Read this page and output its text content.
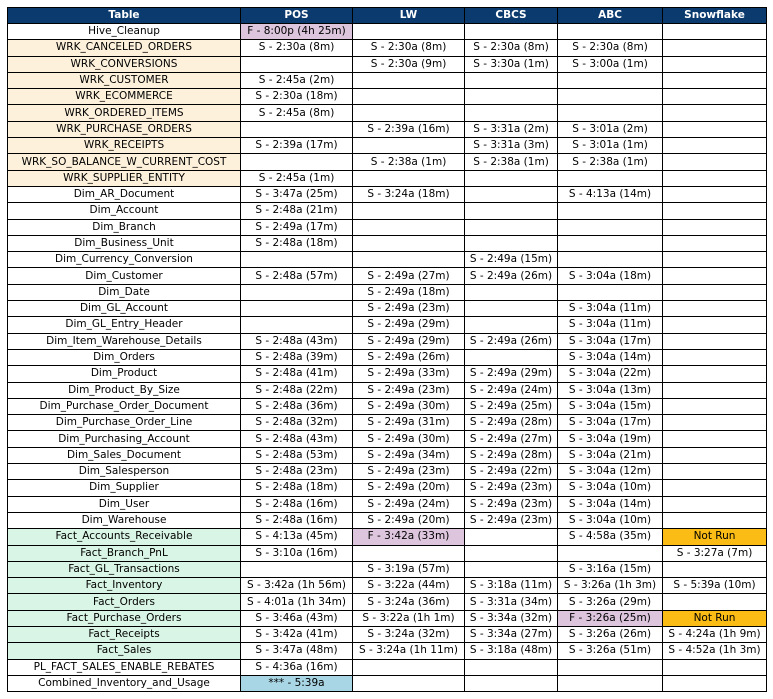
Table	POS	LW	CBCS	ABC	Snowflake
Hive_Cleanup	F - 8:00p (4h 25m)				
WRK_CANCELED_ORDERS	S - 2:30a (8m)	S - 2:30a (8m)	S - 2:30a (8m)	S - 2:30a (8m)	
WRK_CONVERSIONS		S - 2:30a (9m)	S - 3:30a (1m)	S - 3:00a (1m)	
WRK_CUSTOMER	S - 2:45a (2m)				
WRK_ECOMMERCE	S - 2:30a (18m)				
WRK_ORDERED_ITEMS	S - 2:45a (8m)				
WRK_PURCHASE_ORDERS		S - 2:39a (16m)	S - 3:31a (2m)	S - 3:01a (2m)	
WRK_RECEIPTS	S - 2:39a (17m)		S - 3:31a (3m)	S - 3:01a (1m)	
WRK_SO_BALANCE_W_CURRENT_COST		S - 2:38a (1m)	S - 2:38a (1m)	S - 2:38a (1m)	
WRK_SUPPLIER_ENTITY	S - 2:45a (1m)				
Dim_AR_Document	S - 3:47a (25m)	S - 3:24a (18m)		S - 4:13a (14m)	
Dim_Account	S - 2:48a (21m)				
Dim_Branch	S - 2:49a (17m)				
Dim_Business_Unit	S - 2:48a (18m)				
Dim_Currency_Conversion			S - 2:49a (15m)		
Dim_Customer	S - 2:48a (57m)	S - 2:49a (27m)	S - 2:49a (26m)	S - 3:04a (18m)	
Dim_Date		S - 2:49a (18m)			
Dim_GL_Account		S - 2:49a (23m)		S - 3:04a (11m)	
Dim_GL_Entry_Header		S - 2:49a (29m)		S - 3:04a (11m)	
Dim_Item_Warehouse_Details	S - 2:48a (43m)	S - 2:49a (29m)	S - 2:49a (26m)	S - 3:04a (17m)	
Dim_Orders	S - 2:48a (39m)	S - 2:49a (26m)		S - 3:04a (14m)	
Dim_Product	S - 2:48a (41m)	S - 2:49a (33m)	S - 2:49a (29m)	S - 3:04a (22m)	
Dim_Product_By_Size	S - 2:48a (22m)	S - 2:49a (23m)	S - 2:49a (24m)	S - 3:04a (13m)	
Dim_Purchase_Order_Document	S - 2:48a (36m)	S - 2:49a (30m)	S - 2:49a (25m)	S - 3:04a (15m)	
Dim_Purchase_Order_Line	S - 2:48a (32m)	S - 2:49a (31m)	S - 2:49a (28m)	S - 3:04a (17m)	
Dim_Purchasing_Account	S - 2:48a (43m)	S - 2:49a (30m)	S - 2:49a (27m)	S - 3:04a (19m)	
Dim_Sales_Document	S - 2:48a (53m)	S - 2:49a (34m)	S - 2:49a (28m)	S - 3:04a (21m)	
Dim_Salesperson	S - 2:48a (23m)	S - 2:49a (23m)	S - 2:49a (22m)	S - 3:04a (12m)	
Dim_Supplier	S - 2:48a (18m)	S - 2:49a (20m)	S - 2:49a (23m)	S - 3:04a (10m)	
Dim_User	S - 2:48a (16m)	S - 2:49a (24m)	S - 2:49a (23m)	S - 3:04a (14m)	
Dim_Warehouse	S - 2:48a (16m)	S - 2:49a (20m)	S - 2:49a (23m)	S - 3:04a (10m)	
Fact_Accounts_Receivable	S - 4:13a (45m)	F - 3:42a (33m)		S - 4:58a (35m)	Not Run
Fact_Branch_PnL	S - 3:10a (16m)				S - 3:27a (7m)
Fact_GL_Transactions		S - 3:19a (57m)		S - 3:16a (15m)	
Fact_Inventory	S - 3:42a (1h 56m)	S - 3:22a (44m)	S - 3:18a (11m)	S - 3:26a (1h 3m)	S - 5:39a (10m)
Fact_Orders	S - 4:01a (1h 34m)	S - 3:24a (36m)	S - 3:31a (34m)	S - 3:26a (29m)	
Fact_Purchase_Orders	S - 3:46a (43m)	S - 3:22a (1h 1m)	S - 3:34a (32m)	F - 3:26a (25m)	Not Run
Fact_Receipts	S - 3:42a (41m)	S - 3:24a (32m)	S - 3:34a (27m)	S - 3:26a (26m)	S - 4:24a (1h 9m)
Fact_Sales	S - 3:47a (48m)	S - 3:24a (1h 11m)	S - 3:18a (48m)	S - 3:26a (51m)	S - 4:52a (1h 3m)
PL_FACT_SALES_ENABLE_REBATES	S - 4:36a (16m)				
Combined_Inventory_and_Usage	*** - 5:39a				
